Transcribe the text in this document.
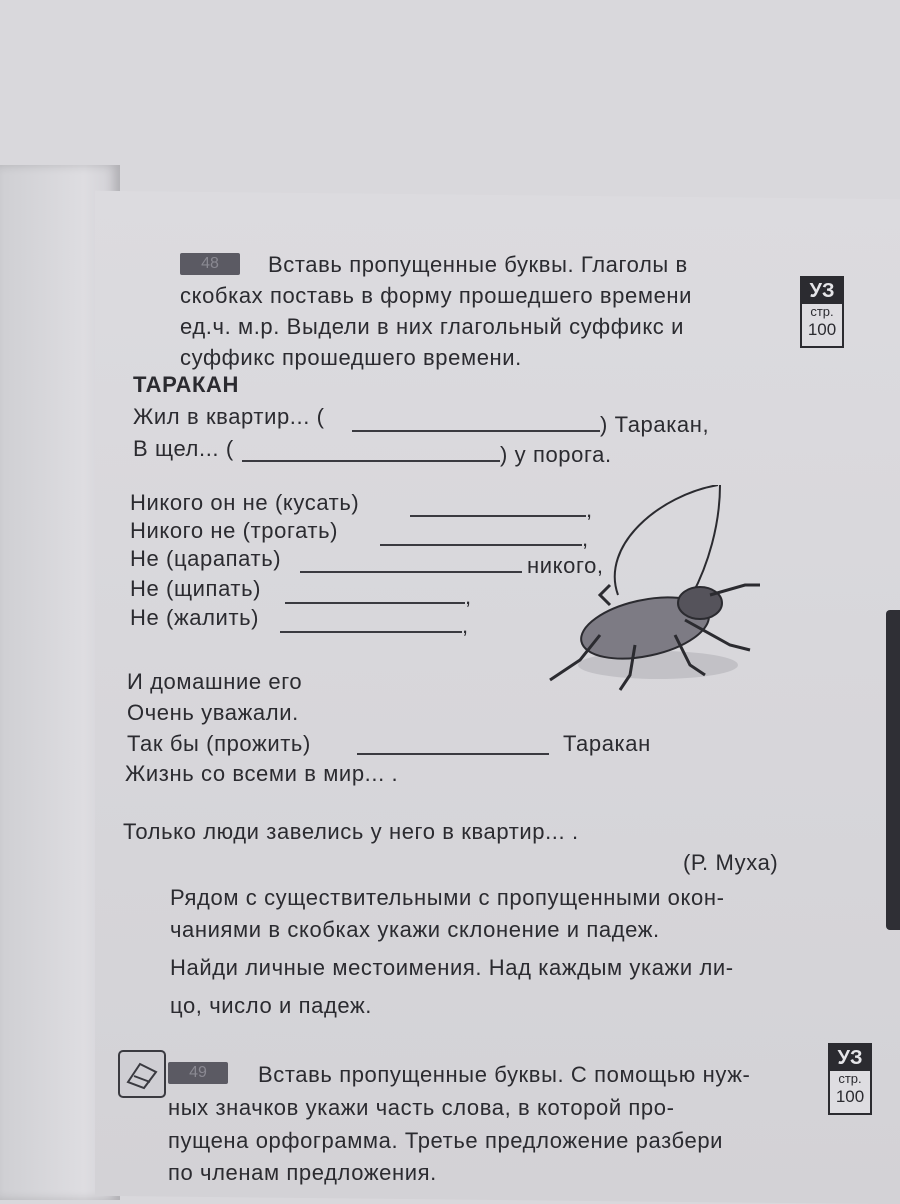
48	Вставь пропущенные буквы. Глаголы в
скобках поставь в форму прошедшего времени
ед.ч. м.р. Выдели в них глагольный суффикс и
суффикс прошедшего времени.
УЗ
стр.
100
ТАРАКАН
Жил в квартир... (	) Таракан,
В щел... (	) у порога.
Никого он не (кусать)	,
Никого не (трогать)	,
Не (царапать)	никого,
Не (щипать)	,
Не (жалить)	,
И домашние его
Очень уважали.
Так бы (прожить)	Таракан
Жизнь со всеми в мир... .
Только люди завелись у него в квартир... .
(Р. Муха)
Рядом с существительными с пропущенными окон-
чаниями в скобках укажи склонение и падеж.
Найди личные местоимения. Над каждым укажи ли-
цо, число и падеж.
49	Вставь пропущенные буквы. С помощью нуж-
ных значков укажи часть слова, в которой про-
пущена орфограмма. Третье предложение разбери
по членам предложения.
УЗ
стр.
100
